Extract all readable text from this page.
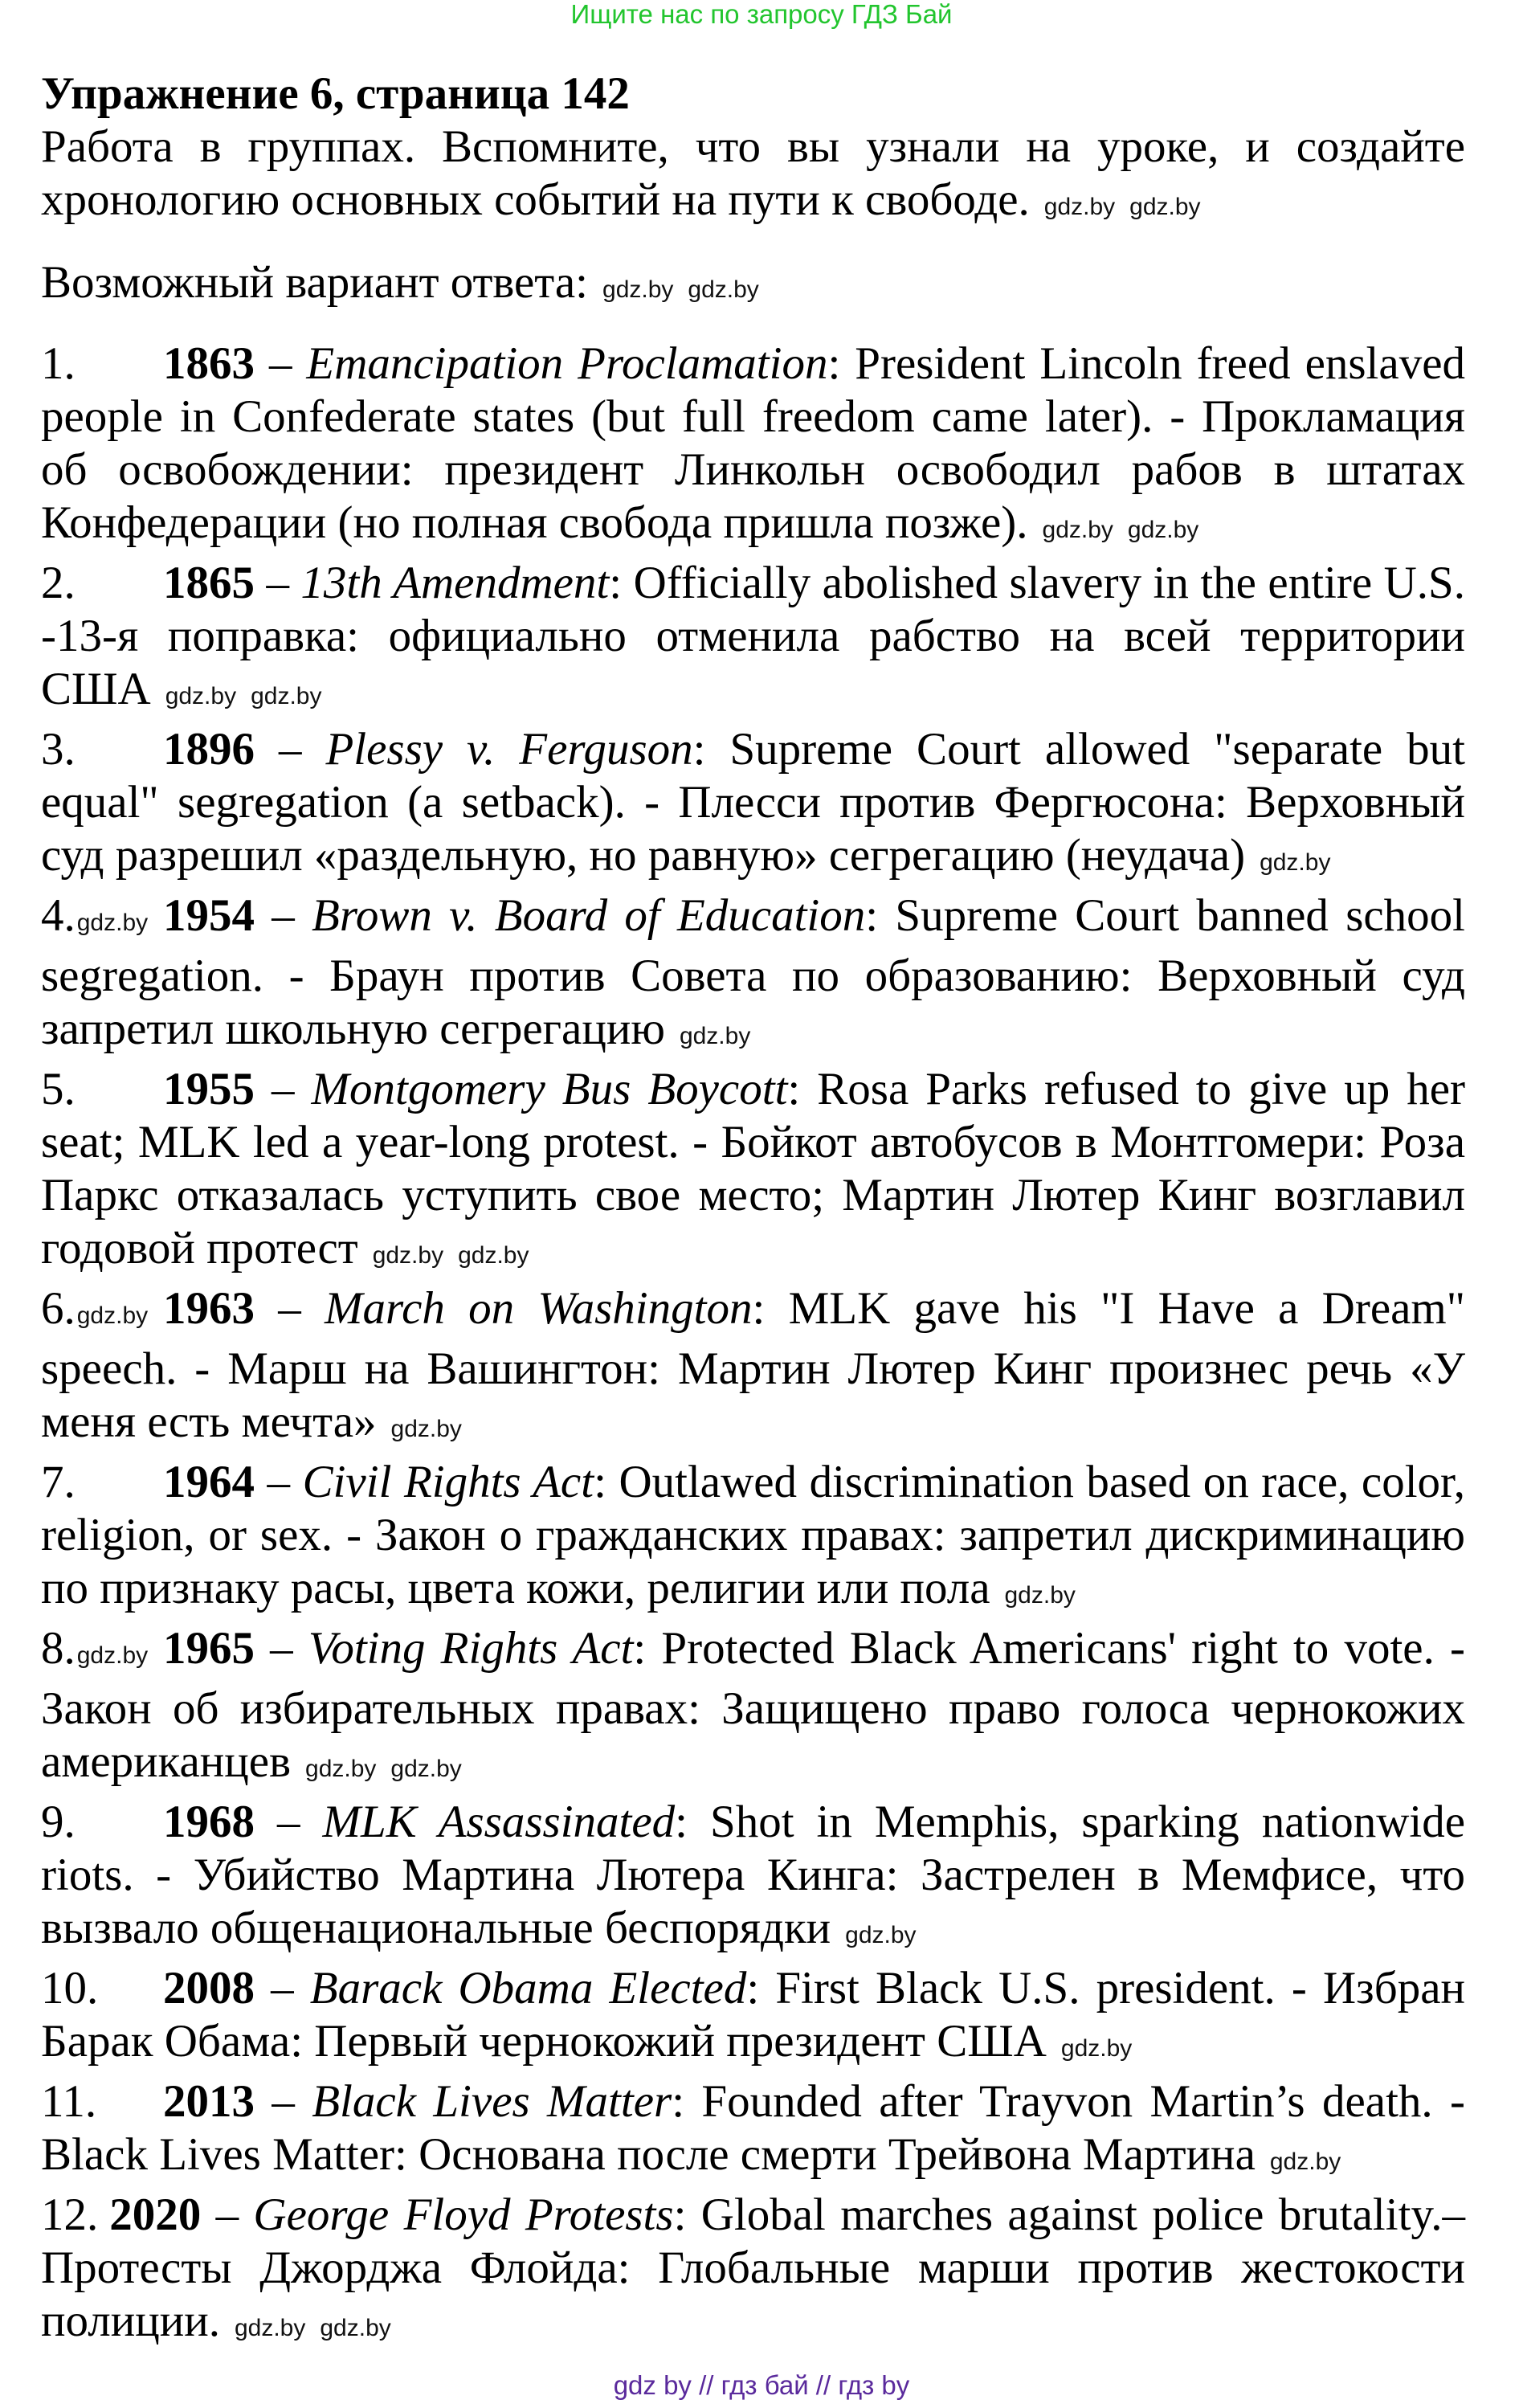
Ищите нас по запросу ГДЗ Бай
Упражнение 6, страница 142

Работа в группах. Вспомните, что вы узнали на уроке, и создайте хронологию основных событий на пути к свободе. gdz.by gdz.by

Возможный вариант ответа: gdz.by gdz.by

1. 1863 – Emancipation Proclamation: President Lincoln freed enslaved people in Confederate states (but full freedom came later). - Прокламация об освобождении: президент Линкольн освободил рабов в штатах Конфедерации (но полная свобода пришла позже). gdz.by gdz.by

2. 1865 – 13th Amendment: Officially abolished slavery in the entire U.S. -13-я поправка: официально отменила рабство на всей территории США gdz.by gdz.by

3. 1896 – Plessy v. Ferguson: Supreme Court allowed "separate but equal" segregation (a setback). - Плесси против Фергюсона: Верховный суд разрешил «раздельную, но равную» сегрегацию (неудача) gdz.by

4.gdz.by 1954 – Brown v. Board of Education: Supreme Court banned school segregation. - Браун против Совета по образованию: Верховный суд запретил школьную сегрегацию gdz.by

5. 1955 – Montgomery Bus Boycott: Rosa Parks refused to give up her seat; MLK led a year-long protest. - Бойкот автобусов в Монтгомери: Роза Паркс отказалась уступить свое место; Мартин Лютер Кинг возглавил годовой протест gdz.by gdz.by

6.gdz.by 1963 – March on Washington: MLK gave his "I Have a Dream" speech. - Марш на Вашингтон: Мартин Лютер Кинг произнес речь «У меня есть мечта» gdz.by

7. 1964 – Civil Rights Act: Outlawed discrimination based on race, color, religion, or sex. - Закон о гражданских правах: запретил дискриминацию по признаку расы, цвета кожи, религии или пола gdz.by

8.gdz.by 1965 – Voting Rights Act: Protected Black Americans' right to vote. - Закон об избирательных правах: Защищено право голоса чернокожих американцев gdz.by gdz.by

9. 1968 – MLK Assassinated: Shot in Memphis, sparking nationwide riots. - Убийство Мартина Лютера Кинга: Застрелен в Мемфисе, что вызвало общенациональные беспорядки gdz.by

10. 2008 – Barack Obama Elected: First Black U.S. president. - Избран Барак Обама: Первый чернокожий президент США gdz.by

11. 2013 – Black Lives Matter: Founded after Trayvon Martin’s death. - Black Lives Matter: Основана после смерти Трейвона Мартина gdz.by

12. 2020 – George Floyd Protests: Global marches against police brutality.– Протесты Джорджа Флойда: Глобальные марши против жестокости полиции. gdz.by gdz.by

gdz by // гдз бай // гдз by
